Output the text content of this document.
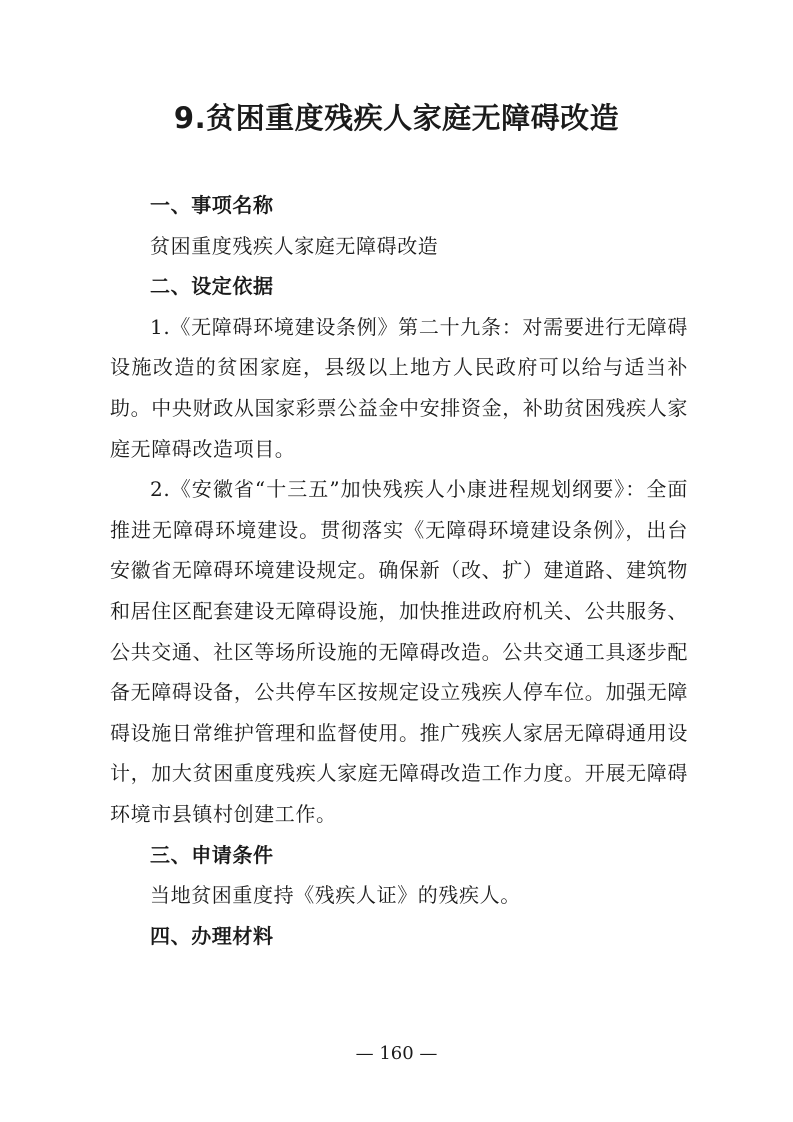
9.贫困重度残疾人家庭无障碍改造

一、事项名称

贫困重度残疾人家庭无障碍改造

二、设定依据

1.《无障碍环境建设条例》第二十九条：对需要进行无障碍设施改造的贫困家庭，县级以上地方人民政府可以给与适当补助。中央财政从国家彩票公益金中安排资金，补助贫困残疾人家庭无障碍改造项目。

2.《安徽省“十三五”加快残疾人小康进程规划纲要》：全面推进无障碍环境建设。贯彻落实《无障碍环境建设条例》，出台安徽省无障碍环境建设规定。确保新（改、扩）建道路、建筑物和居住区配套建设无障碍设施，加快推进政府机关、公共服务、公共交通、社区等场所设施的无障碍改造。公共交通工具逐步配备无障碍设备，公共停车区按规定设立残疾人停车位。加强无障碍设施日常维护管理和监督使用。推广残疾人家居无障碍通用设计，加大贫困重度残疾人家庭无障碍改造工作力度。开展无障碍环境市县镇村创建工作。

三、申请条件

当地贫困重度持《残疾人证》的残疾人。

四、办理材料

— 160 —
